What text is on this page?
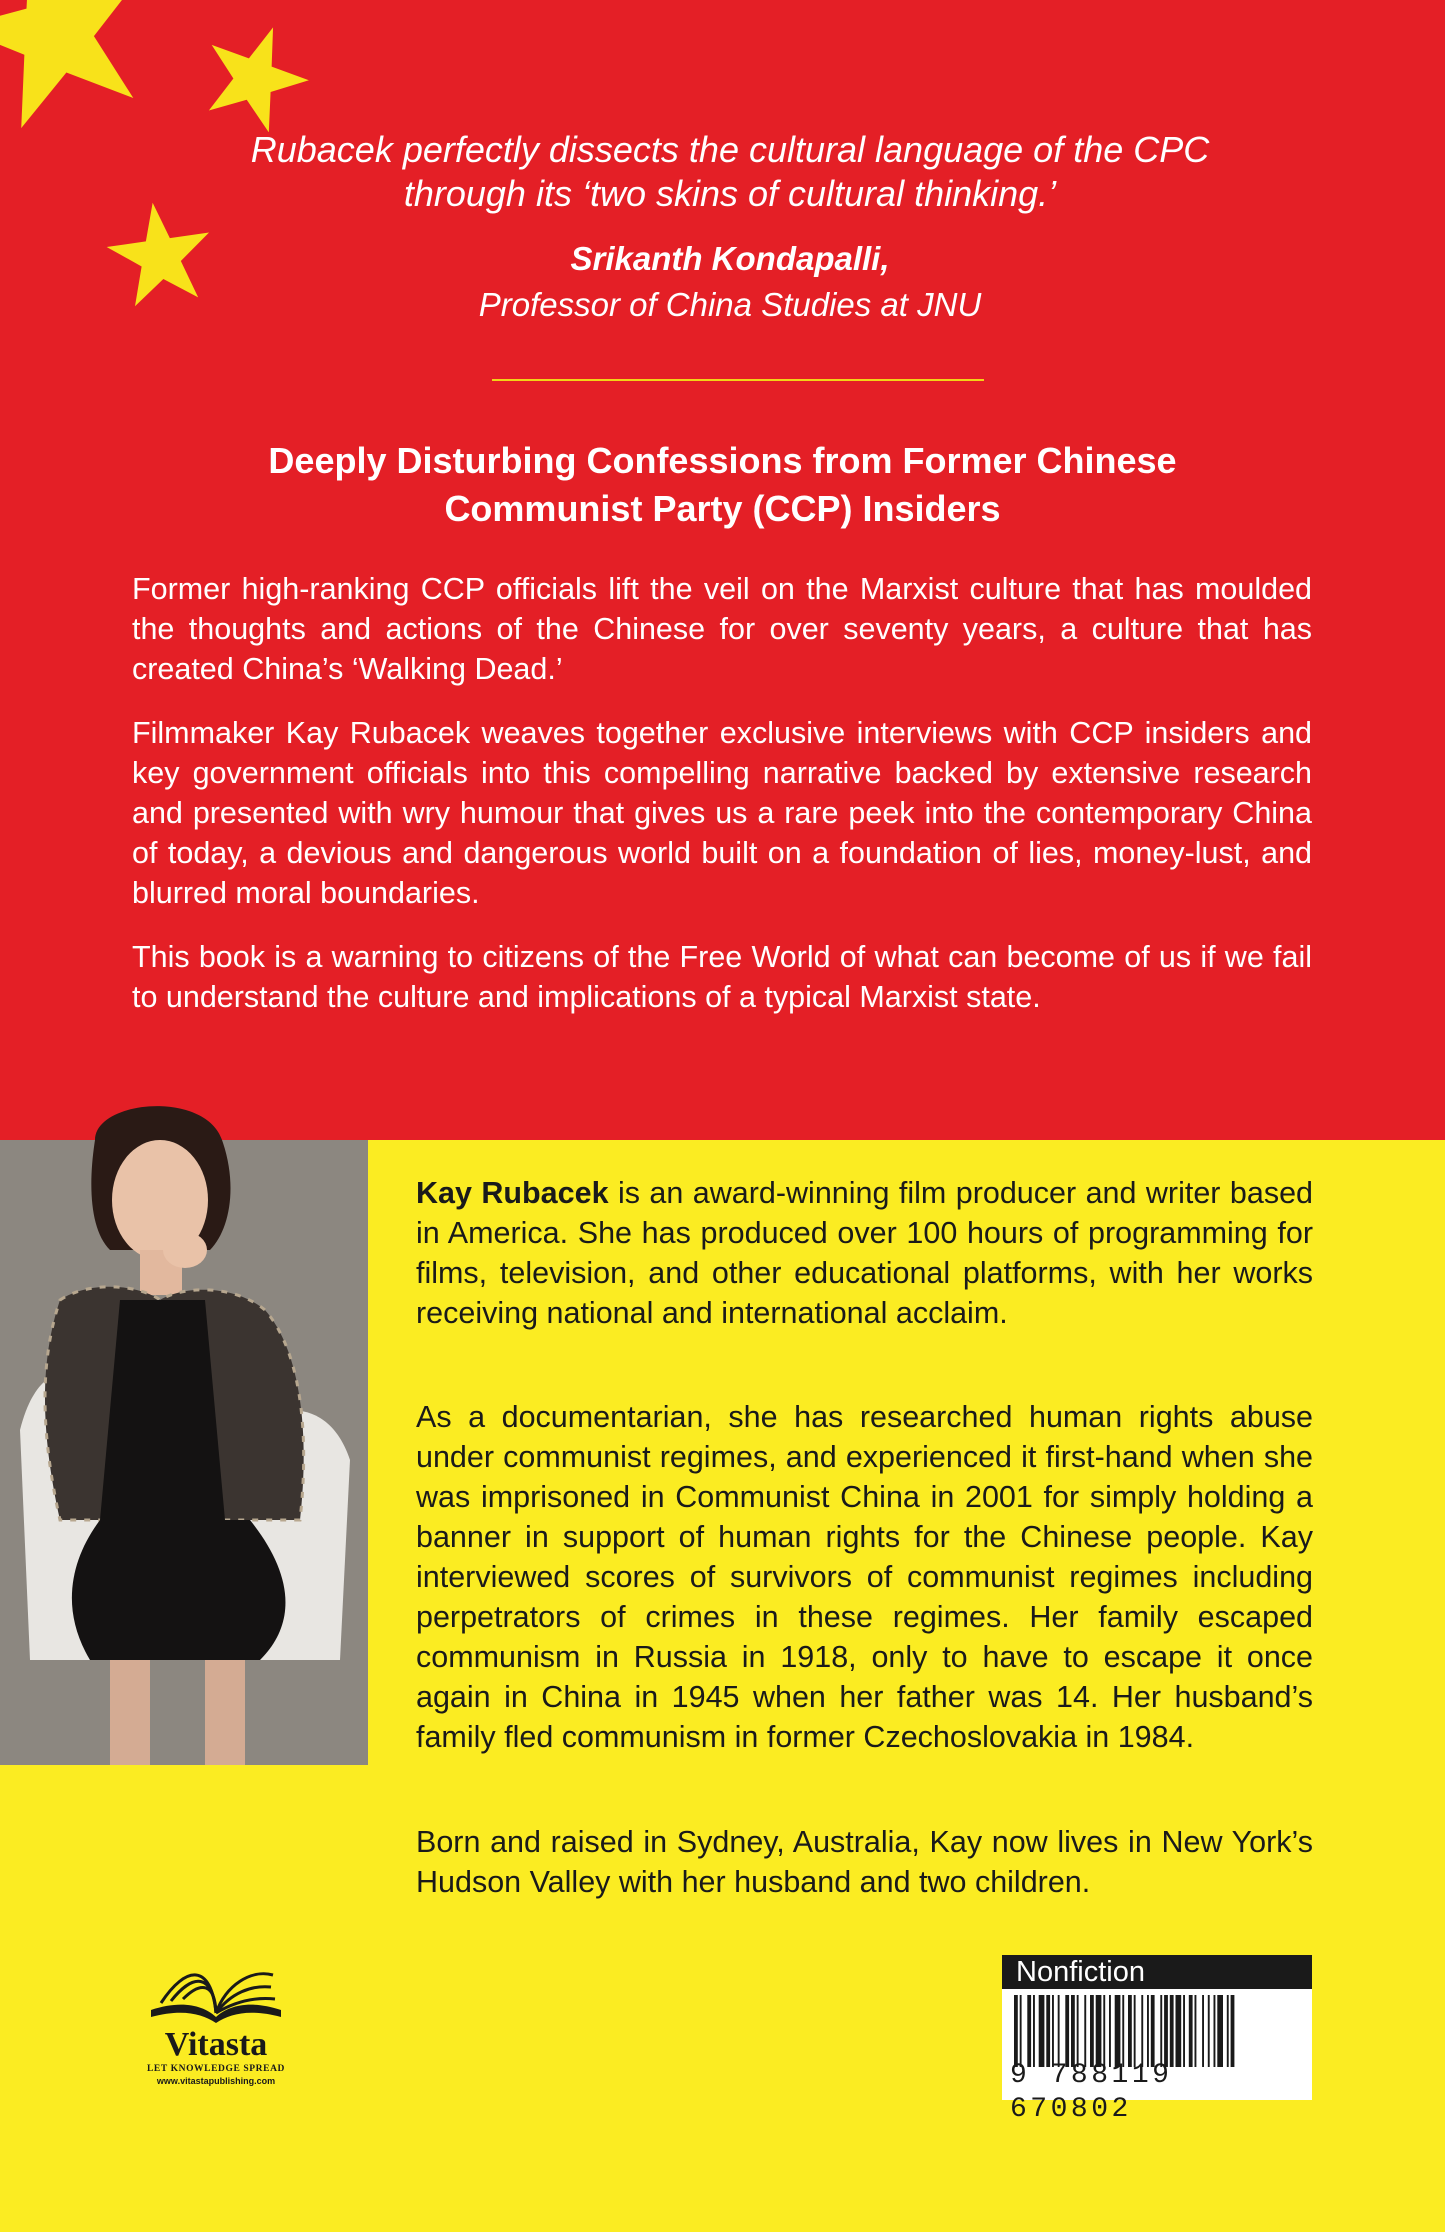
Rubacek perfectly dissects the cultural language of the CPC
through its ‘two skins of cultural thinking.’
Srikanth Kondapalli,
Professor of China Studies at JNU
Deeply Disturbing Confessions from Former Chinese
Communist Party (CCP) Insiders

Former high-ranking CCP officials lift the veil on the Marxist culture that has moulded the thoughts and actions of the Chinese for over seventy years, a culture that has created China’s ‘Walking Dead.’

Filmmaker Kay Rubacek weaves together exclusive interviews with CCP insiders and key government officials into this compelling narrative backed by extensive research and presented with wry humour that gives us a rare peek into the contemporary China of today, a devious and dangerous world built on a foundation of lies, money-lust, and blurred moral boundaries.

This book is a warning to citizens of the Free World of what can become of us if we fail to understand the culture and implications of a typical Marxist state.

Kay Rubacek is an award-winning film producer and writer based in America. She has produced over 100 hours of programming for films, television, and other educational platforms, with her works receiving national and international acclaim.

As a documentarian, she has researched human rights abuse under communist regimes, and experienced it first-hand when she was imprisoned in Communist China in 2001 for simply holding a banner in support of human rights for the Chinese people. Kay interviewed scores of survivors of communist regimes including perpetrators of crimes in these regimes. Her family escaped communism in Russia in 1918, only to have to escape it once again in China in 1945 when her father was 14. Her husband’s family fled communism in former Czechoslovakia in 1984.

Born and raised in Sydney, Australia, Kay now lives in New York’s Hudson Valley with her husband and two children.

Vitasta
LET KNOWLEDGE SPREAD
www.vitastapublishing.com
Nonfiction
9 788119 670802
